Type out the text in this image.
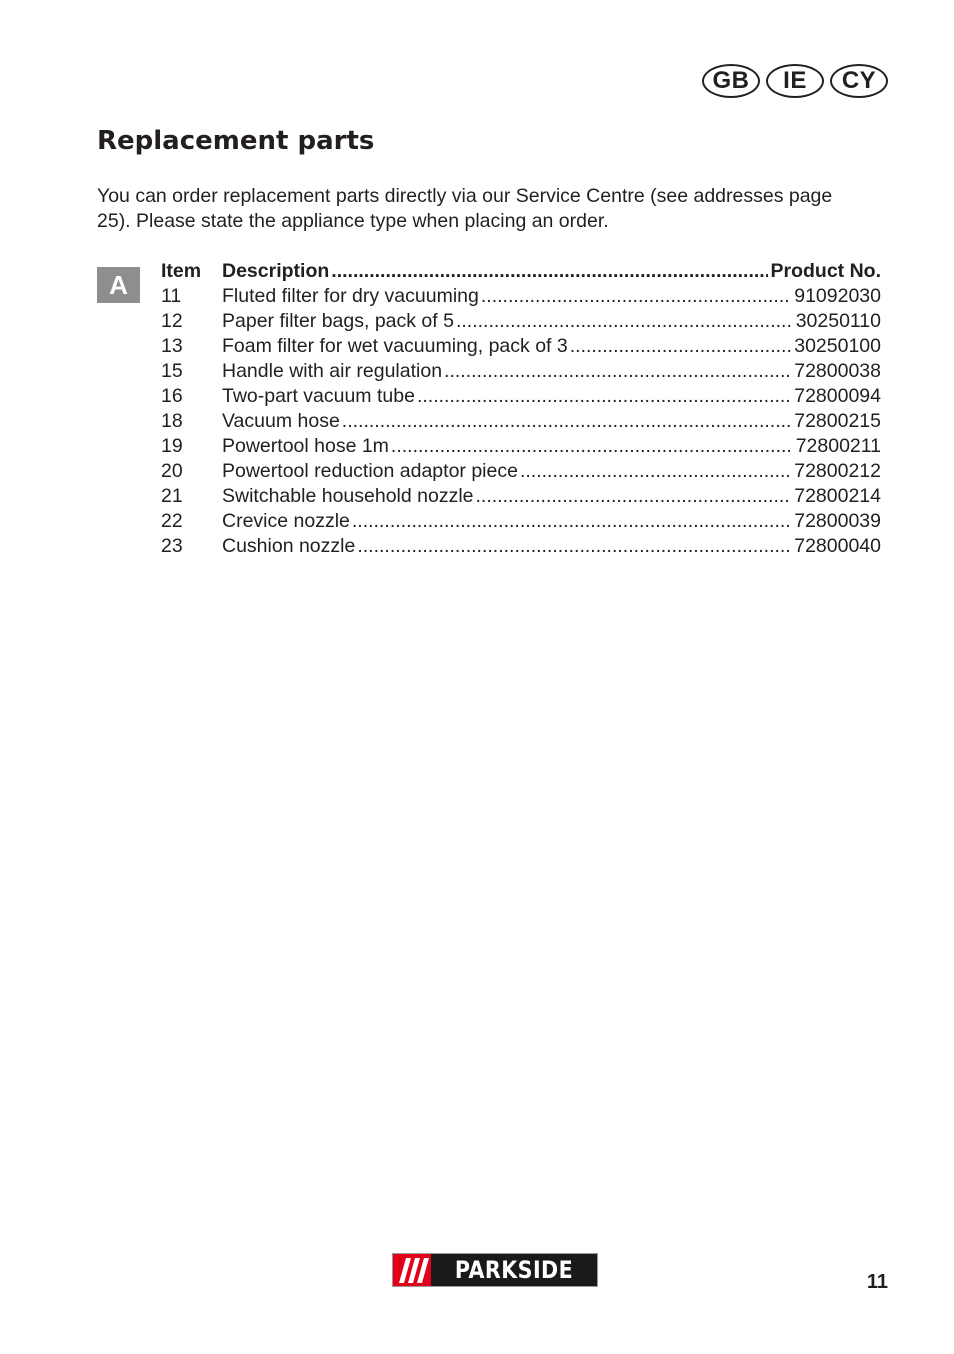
GB	IE	CY
Replacement parts

You can order replacement parts directly via our Service Centre (see addresses page 25). Please state the appliance type when placing an order.

A	Item	Description .....	Product No.
11	Fluted filter for dry vacuuming .....	91092030
12	Paper filter bags, pack of 5 .....	30250110
13	Foam filter for wet vacuuming, pack of 3 .....	30250100
15	Handle with air regulation .....	72800038
16	Two-part vacuum tube .....	72800094
18	Vacuum hose .....	72800215
19	Powertool hose 1m .....	72800211
20	Powertool reduction adaptor piece .....	72800212
21	Switchable household nozzle .....	72800214
22	Crevice nozzle .....	72800039
23	Cushion nozzle .....	72800040
PARKSIDE	11
